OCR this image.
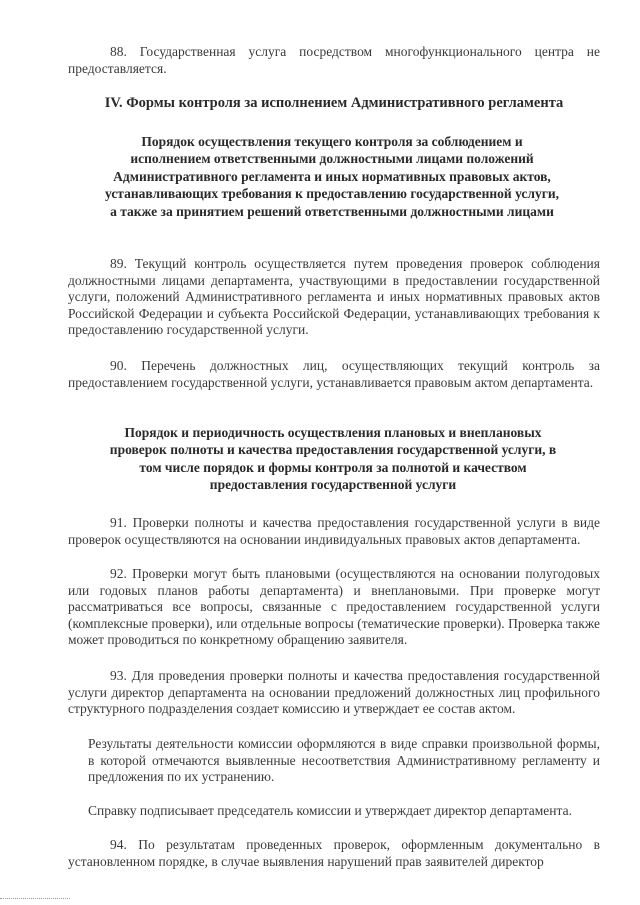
88. Государственная услуга посредством многофункционального центра не предоставляется.

IV. Формы контроля за исполнением Административного регламента

Порядок осуществления текущего контроля за соблюдением и исполнением ответственными должностными лицами положений Административного регламента и иных нормативных правовых актов, устанавливающих требования к предоставлению государственной услуги, а также за принятием решений ответственными должностными лицами

89. Текущий контроль осуществляется путем проведения проверок соблюдения должностными лицами департамента, участвующими в предоставлении государственной услуги, положений Административного регламента и иных нормативных правовых актов Российской Федерации и субъекта Российской Федерации, устанавливающих требования к предоставлению государственной услуги.

90. Перечень должностных лиц, осуществляющих текущий контроль за предоставлением государственной услуги, устанавливается правовым актом департамента.

Порядок и периодичность осуществления плановых и внеплановых проверок полноты и качества предоставления государственной услуги, в том числе порядок и формы контроля за полнотой и качеством предоставления государственной услуги

91. Проверки полноты и качества предоставления государственной услуги в виде проверок осуществляются на основании индивидуальных правовых актов департамента.

92. Проверки могут быть плановыми (осуществляются на основании полугодовых или годовых планов работы департамента) и внеплановыми. При проверке могут рассматриваться все вопросы, связанные с предоставлением государственной услуги (комплексные проверки), или отдельные вопросы (тематические проверки). Проверка также может проводиться по конкретному обращению заявителя.

93. Для проведения проверки полноты и качества предоставления государственной услуги директор департамента на основании предложений должностных лиц профильного структурного подразделения создает комиссию и утверждает ее состав актом.

Результаты деятельности комиссии оформляются в виде справки произвольной формы, в которой отмечаются выявленные несоответствия Административному регламенту и предложения по их устранению.

Справку подписывает председатель комиссии и утверждает директор департамента.

94. По результатам проведенных проверок, оформленным документально в установленном порядке, в случае выявления нарушений прав заявителей директор
